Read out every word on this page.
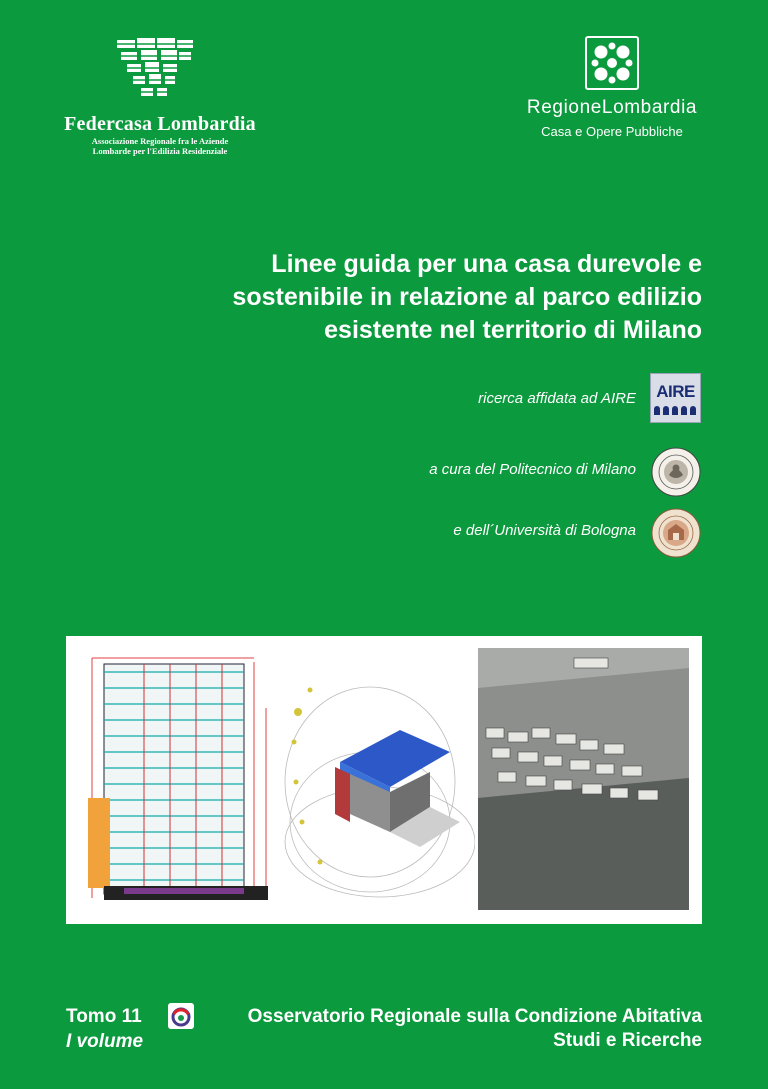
Federcasa Lombardia
Associazione Regionale fra le Aziende
Lombarde per l'Edilizia Residenziale
RegioneLombardia
Casa e Opere Pubbliche
Linee guida per una casa durevole e
sostenibile in relazione al parco edilizio
esistente nel territorio di Milano
ricerca affidata ad AIRE	AIRE
a cura del Politecnico di Milano
e dell´Università di Bologna
Tomo 11
I volume
Osservatorio Regionale sulla Condizione Abitativa
Studi e Ricerche
